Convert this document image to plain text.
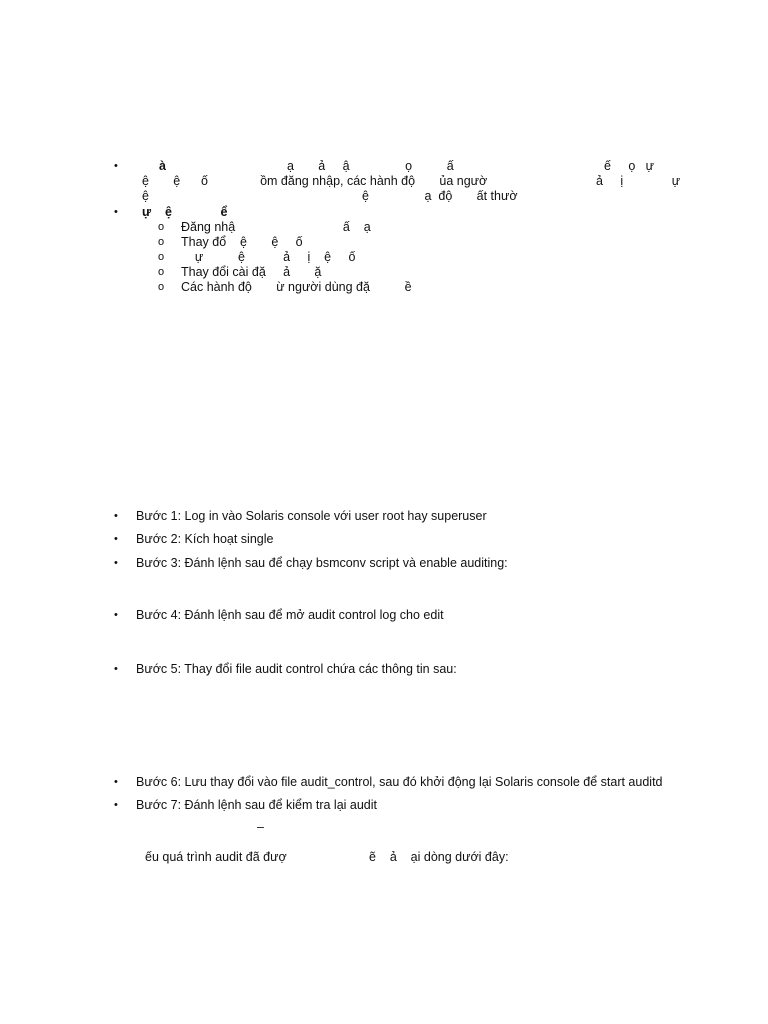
•	à	ạ       ả     ậ                ọ          ấ	ế     ọ   ự
ệ       ệ      ố               ồm đăng nhập, các hành độ       ủa ngườ	ả     ị              ự
ệ	ệ                ạ  độ       ất thườ
• ự    ệ              ể
o Đăng nhậ                               ấ    ạ
o Thay đổ    ệ       ệ     ố
o ự          ệ           ả     ị    ệ     ố
o Thay đổi cài đặ     ả       ặ
o Các hành độ       ừ người dùng đặ          ề
• Bước 1: Log in vào Solaris console với user root hay superuser
• Bước 2: Kích hoạt single
• Bước 3: Đánh lệnh sau để chạy bsmconv script và enable auditing:
• Bước 4: Đánh lệnh sau để mở audit control log cho edit
• Bước 5: Thay đổi file audit control chứa các thông tin sau:
• Bước 6: Lưu thay đổi vào file audit_control, sau đó khởi động lại Solaris console để start auditd
• Bước 7: Đánh lệnh sau để kiểm tra lại audit
–
ếu quá trình audit đã đượ	ẽ    ả    ại dòng dưới đây:
